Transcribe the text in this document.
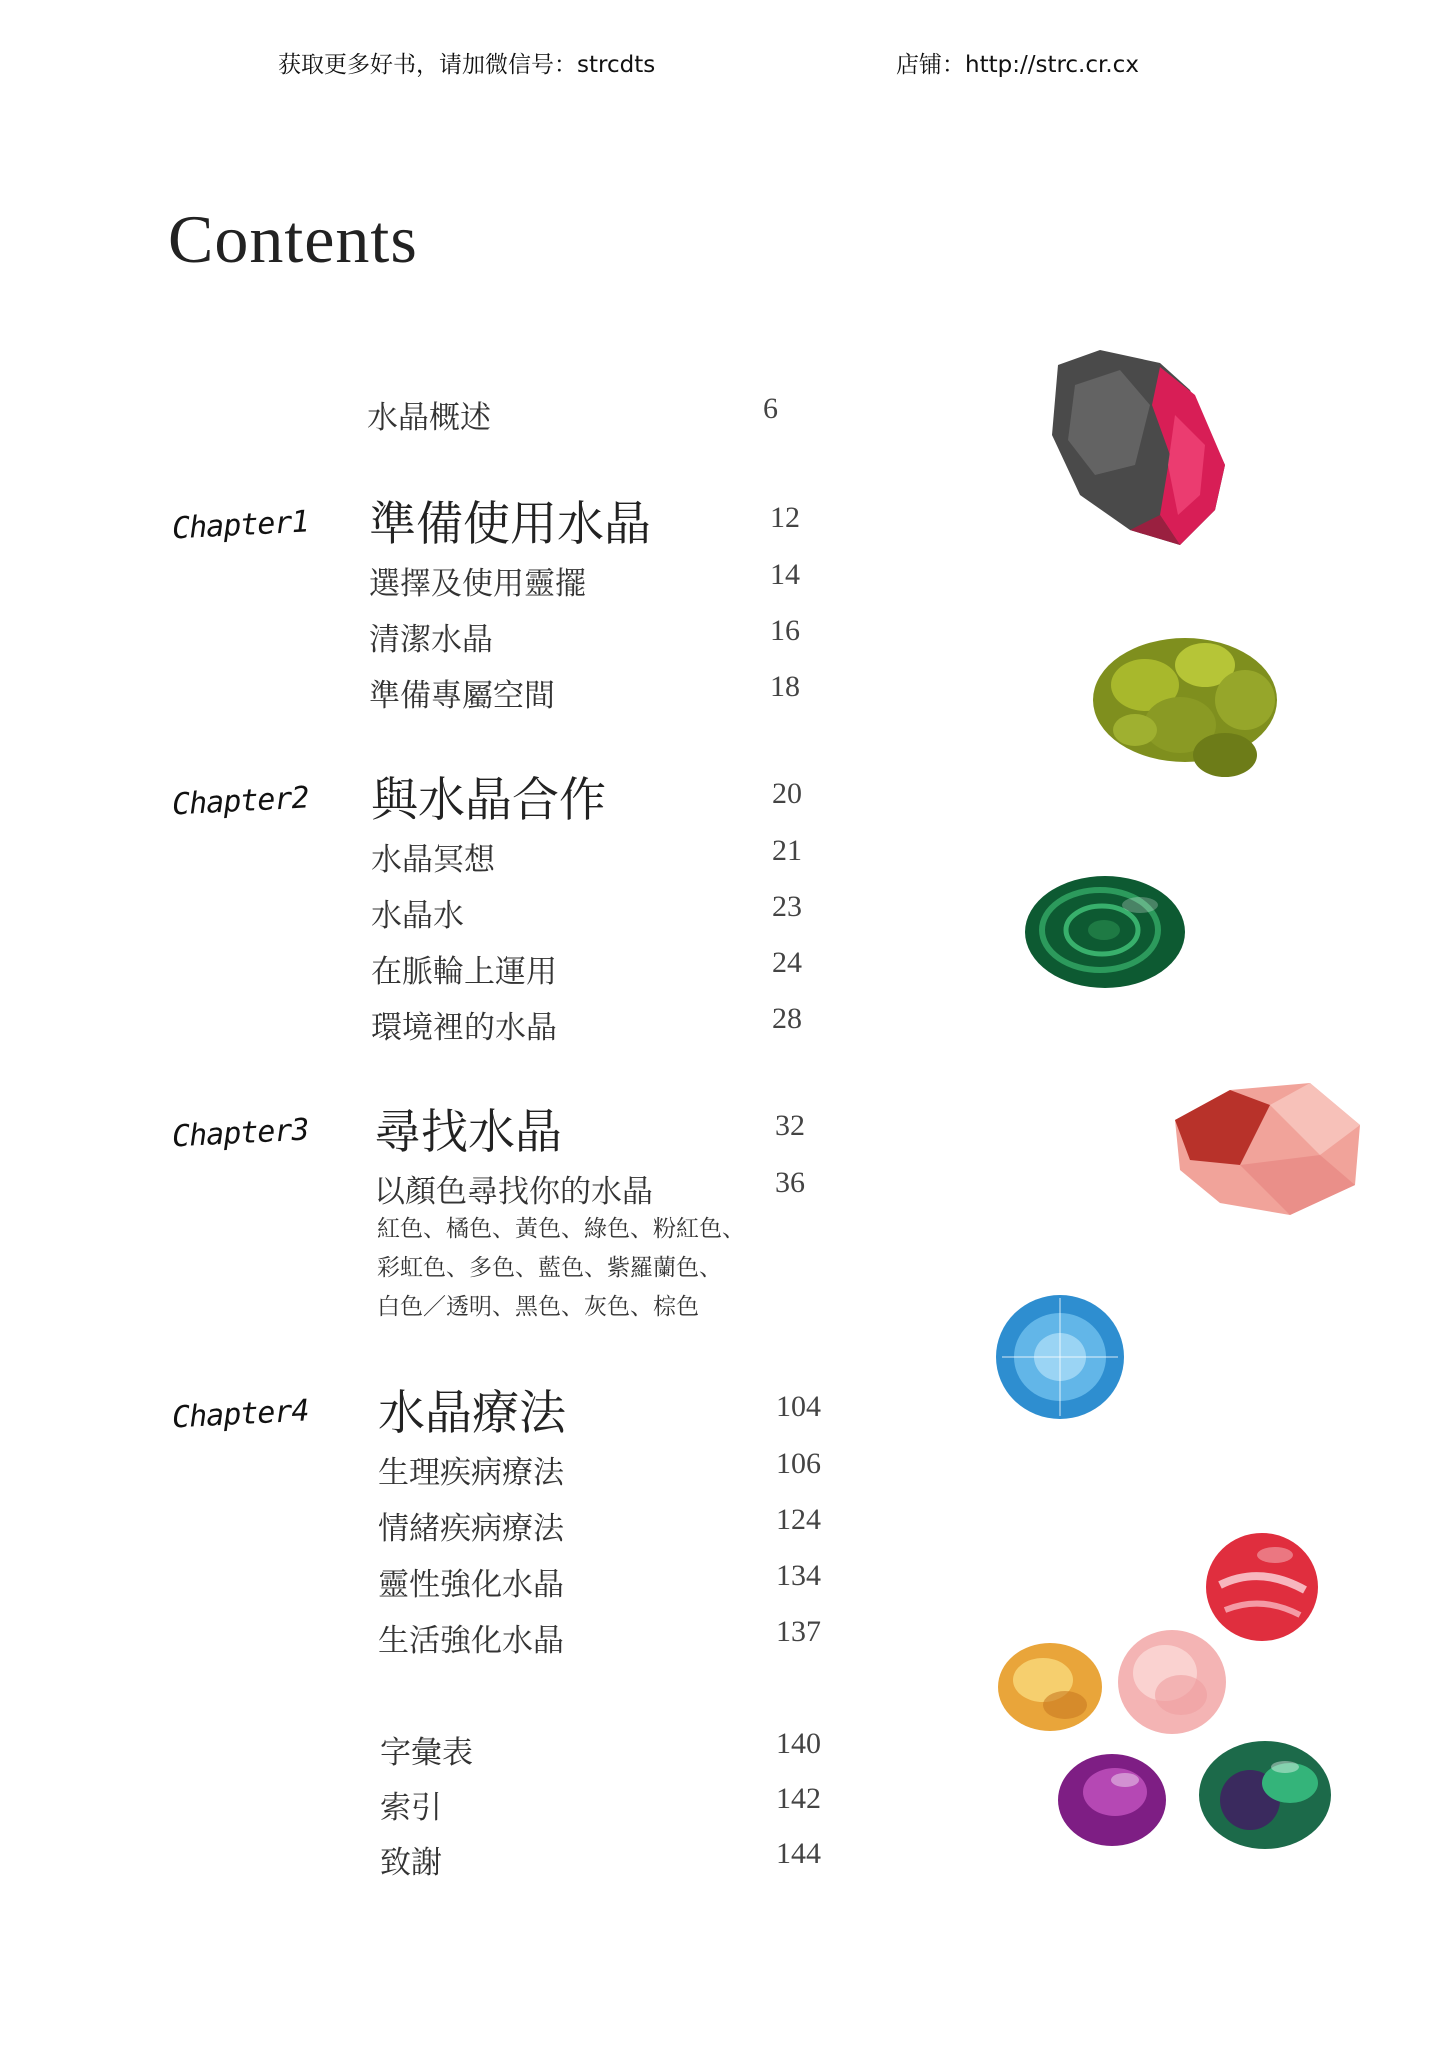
获取更多好书，请加微信号：strcdts	店铺：http://strc.cr.cx
Contents
水晶概述	6
Chapter1 準備使用水晶	12
選擇及使用靈擺	14
清潔水晶	16
準備專屬空間	18
Chapter2 與水晶合作	20
水晶冥想	21
水晶水	23
在脈輪上運用	24
環境裡的水晶	28
Chapter3 尋找水晶	32
以顏色尋找你的水晶	36
紅色、橘色、黃色、綠色、粉紅色、
彩虹色、多色、藍色、紫羅蘭色、
白色／透明、黑色、灰色、棕色
Chapter4 水晶療法	104
生理疾病療法	106
情緒疾病療法	124
靈性強化水晶	134
生活強化水晶	137
字彙表	140
索引	142
致謝	144
